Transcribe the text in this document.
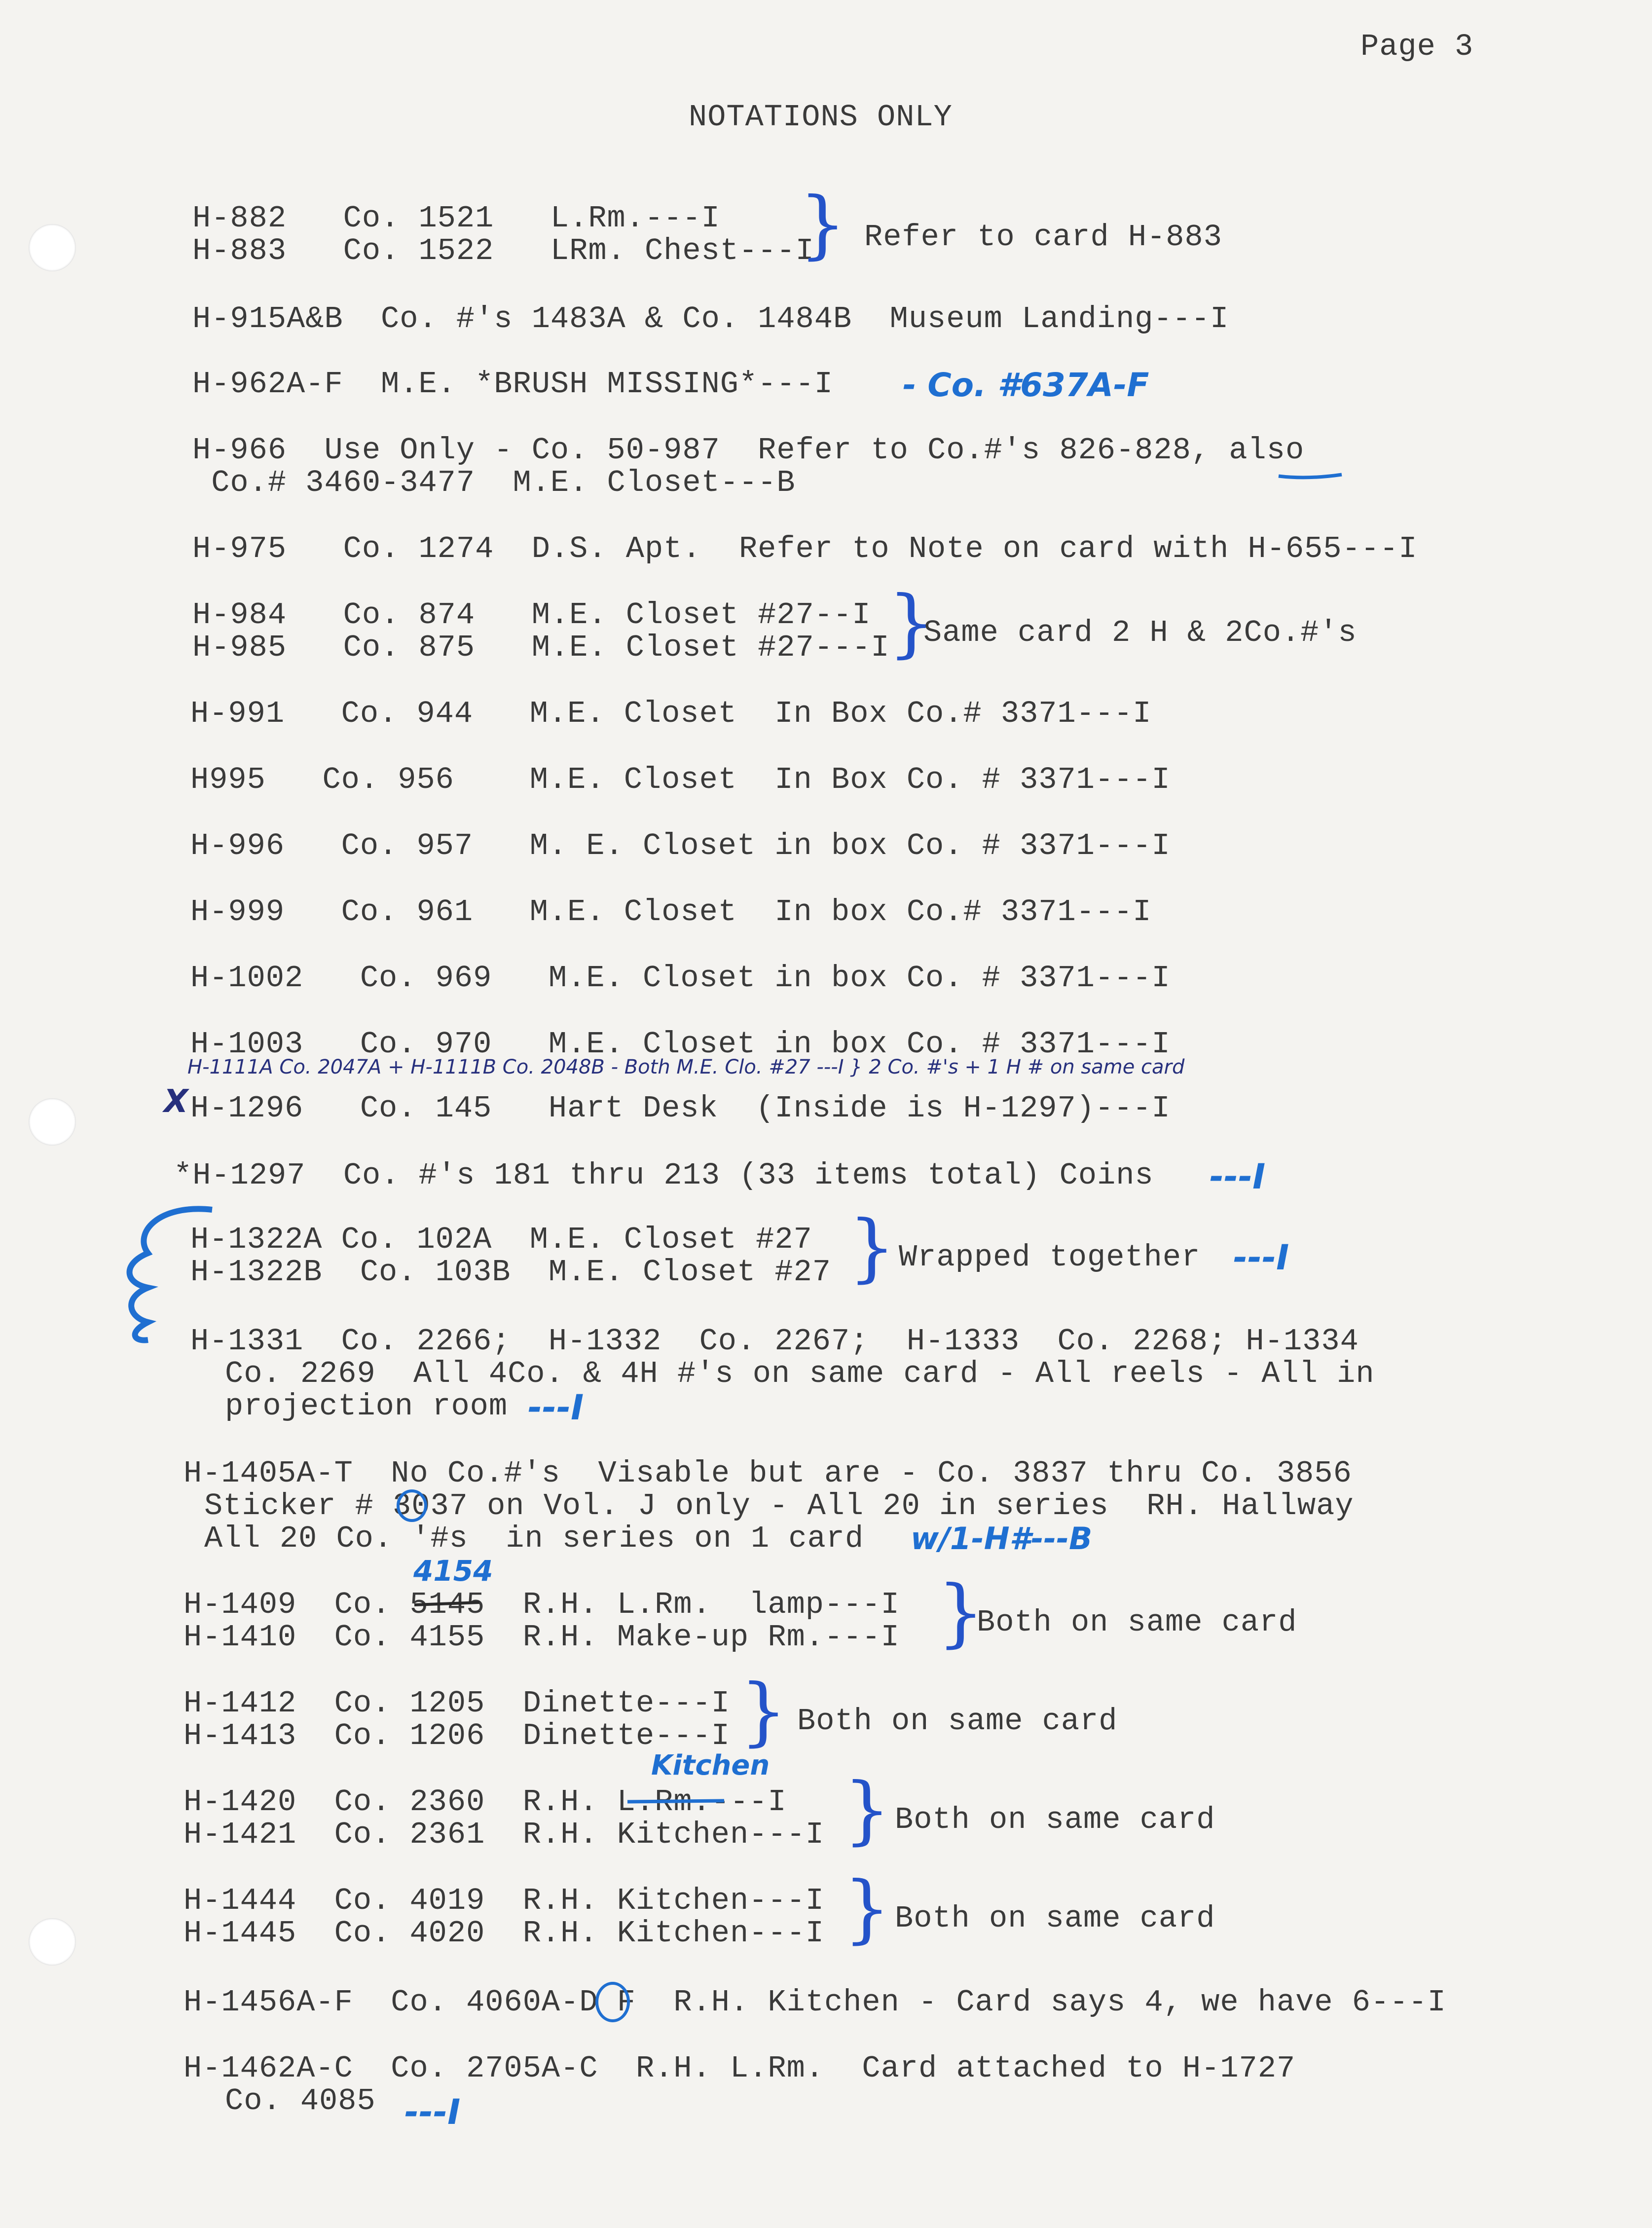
Page 3
NOTATIONS ONLY
H-882   Co. 1521   L.Rm.---I
H-883   Co. 1522   LRm. Chest---I
} Refer to card H-883
H-915A&B  Co. #'s 1483A & Co. 1484B  Museum Landing---I
H-962A-F  M.E. *BRUSH MISSING*---I - Co. #637A-F
H-966  Use Only - Co. 50-987  Refer to Co.#'s 826-828, also
Co.# 3460-3477  M.E. Closet---B
H-975   Co. 1274  D.S. Apt.  Refer to Note on card with H-655---I
H-984   Co. 874   M.E. Closet #27--I
H-985   Co. 875   M.E. Closet #27---I
}
Same card 2 H & 2Co.#'s
H-991   Co. 944   M.E. Closet  In Box Co.# 3371---I
H995   Co. 956    M.E. Closet  In Box Co. # 3371---I
H-996   Co. 957   M. E. Closet in box Co. # 3371---I
H-999   Co. 961   M.E. Closet  In box Co.# 3371---I
H-1002   Co. 969   M.E. Closet in box Co. # 3371---I
H-1003   Co. 970   M.E. Closet in box Co. # 3371---I
H-1111A Co. 2047A + H-1111B Co. 2048B - Both M.E. Clo. #27 ---I } 2 Co. #'s + 1 H # on same card
X H-1296   Co. 145   Hart Desk  (Inside is H-1297)---I
*H-1297  Co. #'s 181 thru 213 (33 items total) Coins ---I
H-1322A Co. 102A  M.E. Closet #27
H-1322B  Co. 103B  M.E. Closet #27 } Wrapped together ---I
H-1331  Co. 2266;  H-1332  Co. 2267;  H-1333  Co. 2268; H-1334
Co. 2269  All 4Co. & 4H #'s on same card - All reels - All in
projection room ---I
H-1405A-T  No Co.#'s  Visable but are - Co. 3837 thru Co. 3856
Sticker # 3037 on Vol. J only - All 20 in series  RH. Hallway
All 20 Co. '#s  in series on 1 card w/1-H#---B
4154
H-1409  Co. 5145  R.H. L.Rm.  lamp---I
H-1410  Co. 4155  R.H. Make-up Rm.---I }
Both on same card
H-1412  Co. 1205  Dinette---I
H-1413  Co. 1206  Dinette---I } Both on same card
Kitchen
H-1420  Co. 2360  R.H. L.Rm.---I
H-1421  Co. 2361  R.H. Kitchen---I } Both on same card
H-1444  Co. 4019  R.H. Kitchen---I
H-1445  Co. 4020  R.H. Kitchen---I } Both on same card
H-1456A-F  Co. 4060A-D F  R.H. Kitchen - Card says 4, we have 6---I
H-1462A-C  Co. 2705A-C  R.H. L.Rm.  Card attached to H-1727
Co. 4085 ---I
